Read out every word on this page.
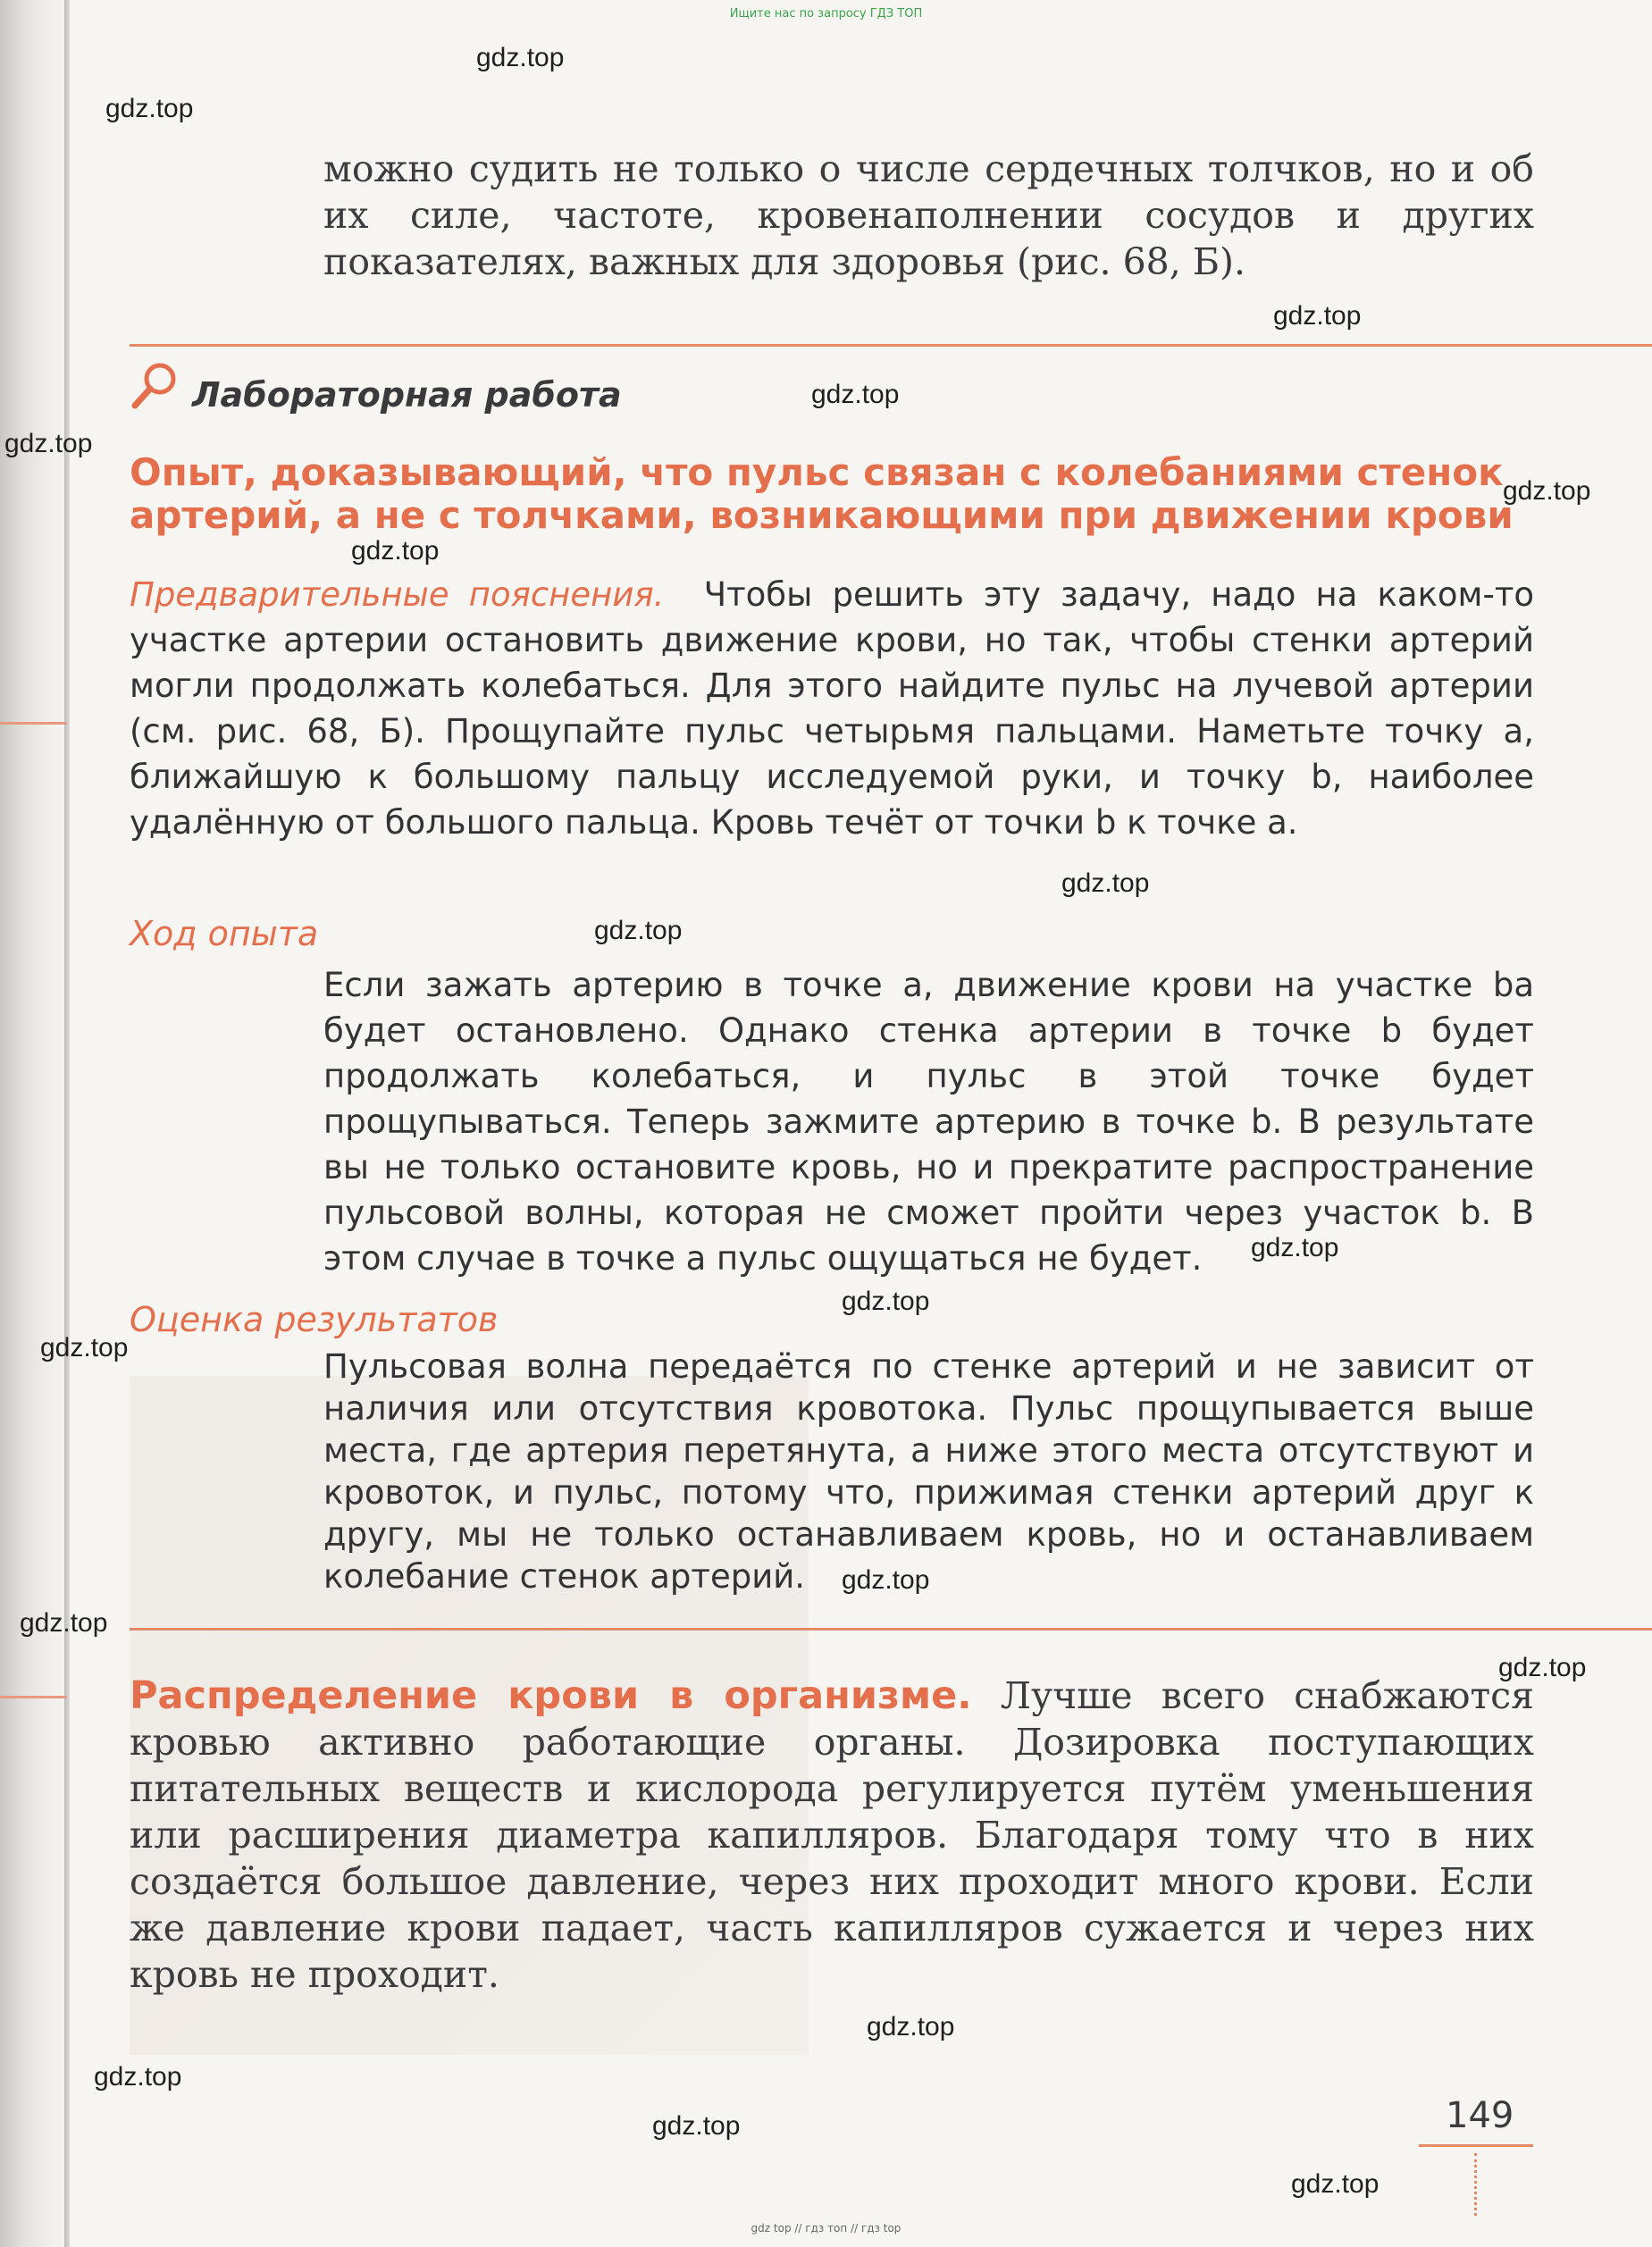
Ищите нас по запросу ГДЗ ТОП
gdz.top
gdz.top
gdz.top
gdz.top
gdz.top
gdz.top
gdz.top
gdz.top
gdz.top
gdz.top
gdz.top
gdz.top
gdz.top
gdz.top
gdz.top
gdz.top
gdz.top
gdz.top
gdz.top

можно судить не только о числе сердечных толчков, но и об их силе, частоте, кровенаполнении сосудов и других показателях, важных для здоровья (рис. 68, Б).

Лабораторная работа

Опыт, доказывающий, что пульс связан с колебаниями стенок

артерий, а не с толчками, возникающими при движении крови

Предварительные пояснения. Чтобы решить эту задачу, надо на каком-то участке артерии остановить движение крови, но так, чтобы стенки артерий могли продолжать колебаться. Для этого найдите пульс на лучевой артерии (см. рис. 68, Б). Прощупайте пульс четырьмя пальцами. Наметьте точку а, ближайшую к большому пальцу исследуемой руки, и точку b, наиболее удалённую от большого пальца. Кровь течёт от точки b к точке а.

Ход опыта

Если зажать артерию в точке а, движение крови на участке bа будет остановлено. Однако стенка артерии в точке b будет продолжать колебаться, и пульс в этой точке будет прощупываться. Теперь зажмите артерию в точке b. В результате вы не только остановите кровь, но и прекратите распространение пульсовой волны, которая не сможет пройти через участок b. В этом случае в точке а пульс ощущаться не будет.

Оценка результатов

Пульсовая волна передаётся по стенке артерий и не зависит от наличия или отсутствия кровотока. Пульс прощупывается выше места, где артерия перетянута, а ниже этого места отсутствуют и кровоток, и пульс, потому что, прижимая стенки артерий друг к другу, мы не только останавливаем кровь, но и останавливаем колебание стенок артерий.

Распределение крови в организме. Лучше всего снабжаются кровью активно работающие органы. Дозировка поступающих питательных веществ и кислорода регулируется путём уменьшения или расширения диаметра капилляров. Благодаря тому что в них создаётся большое давление, через них проходит много крови. Если же давление крови падает, часть капилляров сужается и через них кровь не проходит.

149
gdz top // гдз топ // гдз top
